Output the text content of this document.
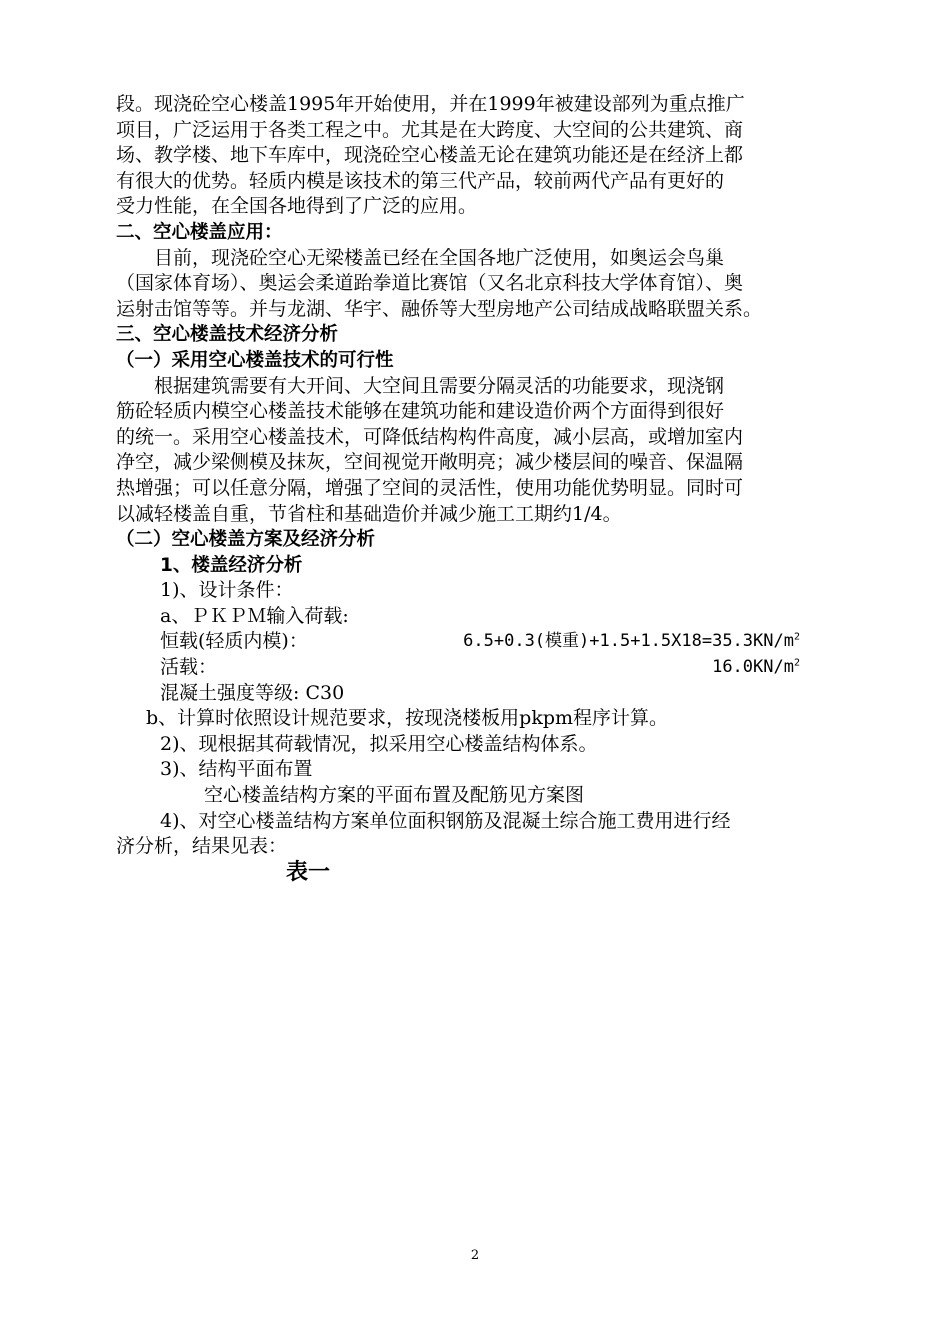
段。现浇砼空心楼盖1995年开始使用，并在1999年被建设部列为重点推广
项目，广泛运用于各类工程之中。尤其是在大跨度、大空间的公共建筑、商
场、教学楼、地下车库中，现浇砼空心楼盖无论在建筑功能还是在经济上都
有很大的优势。轻质内模是该技术的第三代产品，较前两代产品有更好的
受力性能，在全国各地得到了广泛的应用。
二、空心楼盖应用：
目前，现浇砼空心无梁楼盖已经在全国各地广泛使用，如奥运会鸟巢
（国家体育场）、奥运会柔道跆拳道比赛馆（又名北京科技大学体育馆）、奥
运射击馆等等。并与龙湖、华宇、融侨等大型房地产公司结成战略联盟关系。
三、空心楼盖技术经济分析
（一）采用空心楼盖技术的可行性
根据建筑需要有大开间、大空间且需要分隔灵活的功能要求，现浇钢
筋砼轻质内模空心楼盖技术能够在建筑功能和建设造价两个方面得到很好
的统一。采用空心楼盖技术，可降低结构构件高度，减小层高，或增加室内
净空，减少梁侧模及抹灰，空间视觉开敞明亮；减少楼层间的噪音、保温隔
热增强；可以任意分隔，增强了空间的灵活性，使用功能优势明显。同时可
以减轻楼盖自重，节省柱和基础造价并减少施工工期约1/4。
（二）空心楼盖方案及经济分析
1、楼盖经济分析
1)、设计条件：
a、ＰＫＰＭ输入荷载:
恒载(轻质内模)：	6.5+0.3(模重)$+1.5+1.5X18=35.3KN/m^2$
活载：	$16.0KN/m^2$
混凝土强度等级: C30
b、计算时依照设计规范要求，按现浇楼板用pkpm程序计算。
2)、现根据其荷载情况，拟采用空心楼盖结构体系。
3)、结构平面布置
空心楼盖结构方案的平面布置及配筋见方案图
4)、对空心楼盖结构方案单位面积钢筋及混凝土综合施工费用进行经
济分析，结果见表：
表一
2
